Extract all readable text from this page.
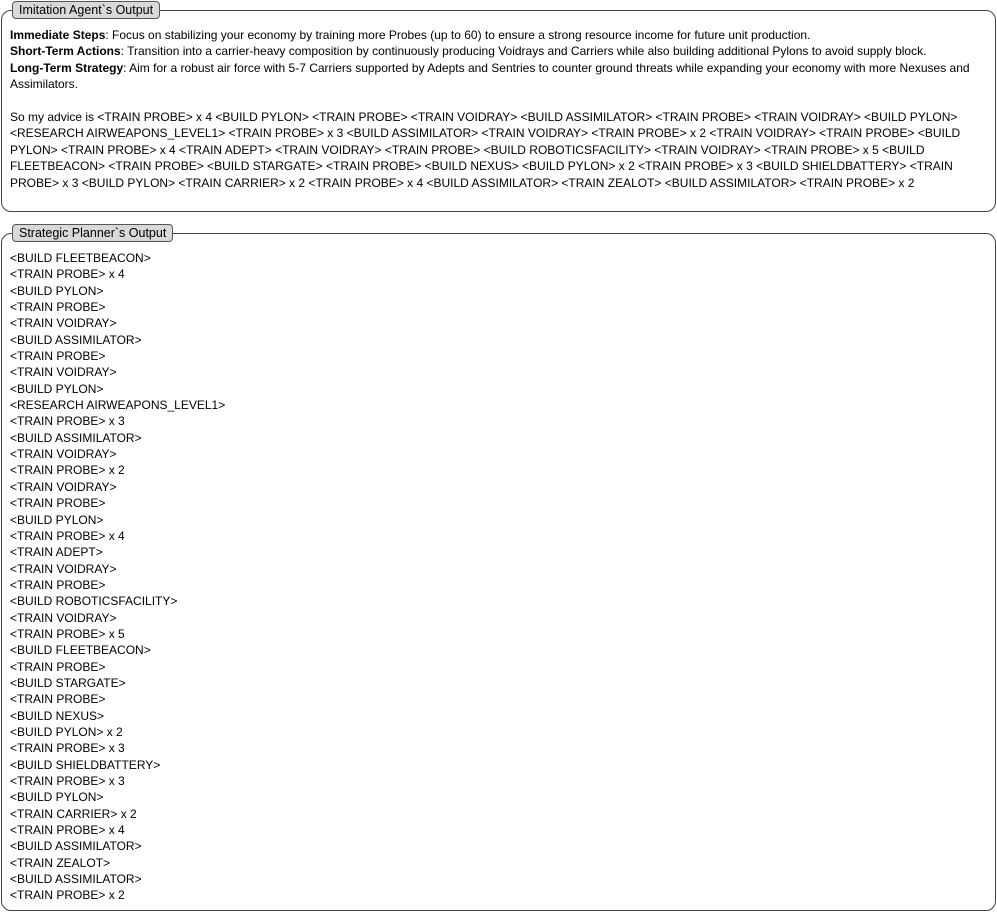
Imitation Agent`s Output

Immediate Steps: Focus on stabilizing your economy by training more Probes (up to 60) to ensure a strong resource income for future unit production.

Short-Term Actions: Transition into a carrier-heavy composition by continuously producing Voidrays and Carriers while also building additional Pylons to avoid supply block.

Long-Term Strategy: Aim for a robust air force with 5-7 Carriers supported by Adepts and Sentries to counter ground threats while expanding your economy with more Nexuses and Assimilators.

So my advice is <TRAIN PROBE> x 4 <BUILD PYLON> <TRAIN PROBE> <TRAIN VOIDRAY> <BUILD ASSIMILATOR> <TRAIN PROBE> <TRAIN VOIDRAY> <BUILD PYLON> <RESEARCH AIRWEAPONS_LEVEL1> <TRAIN PROBE> x 3 <BUILD ASSIMILATOR> <TRAIN VOIDRAY> <TRAIN PROBE> x 2 <TRAIN VOIDRAY> <TRAIN PROBE> <BUILD PYLON> <TRAIN PROBE> x 4 <TRAIN ADEPT> <TRAIN VOIDRAY> <TRAIN PROBE> <BUILD ROBOTICSFACILITY> <TRAIN VOIDRAY> <TRAIN PROBE> x 5 <BUILD FLEETBEACON> <TRAIN PROBE> <BUILD STARGATE> <TRAIN PROBE> <BUILD NEXUS> <BUILD PYLON> x 2 <TRAIN PROBE> x 3 <BUILD SHIELDBATTERY> <TRAIN PROBE> x 3 <BUILD PYLON> <TRAIN CARRIER> x 2 <TRAIN PROBE> x 4 <BUILD ASSIMILATOR> <TRAIN ZEALOT> <BUILD ASSIMILATOR> <TRAIN PROBE> x 2

Strategic Planner`s Output
<BUILD FLEETBEACON>
<TRAIN PROBE> x 4
<BUILD PYLON>
<TRAIN PROBE>
<TRAIN VOIDRAY>
<BUILD ASSIMILATOR>
<TRAIN PROBE>
<TRAIN VOIDRAY>
<BUILD PYLON>
<RESEARCH AIRWEAPONS_LEVEL1>
<TRAIN PROBE> x 3
<BUILD ASSIMILATOR>
<TRAIN VOIDRAY>
<TRAIN PROBE> x 2
<TRAIN VOIDRAY>
<TRAIN PROBE>
<BUILD PYLON>
<TRAIN PROBE> x 4
<TRAIN ADEPT>
<TRAIN VOIDRAY>
<TRAIN PROBE>
<BUILD ROBOTICSFACILITY>
<TRAIN VOIDRAY>
<TRAIN PROBE> x 5
<BUILD FLEETBEACON>
<TRAIN PROBE>
<BUILD STARGATE>
<TRAIN PROBE>
<BUILD NEXUS>
<BUILD PYLON> x 2
<TRAIN PROBE> x 3
<BUILD SHIELDBATTERY>
<TRAIN PROBE> x 3
<BUILD PYLON>
<TRAIN CARRIER> x 2
<TRAIN PROBE> x 4
<BUILD ASSIMILATOR>
<TRAIN ZEALOT>
<BUILD ASSIMILATOR>
<TRAIN PROBE> x 2
